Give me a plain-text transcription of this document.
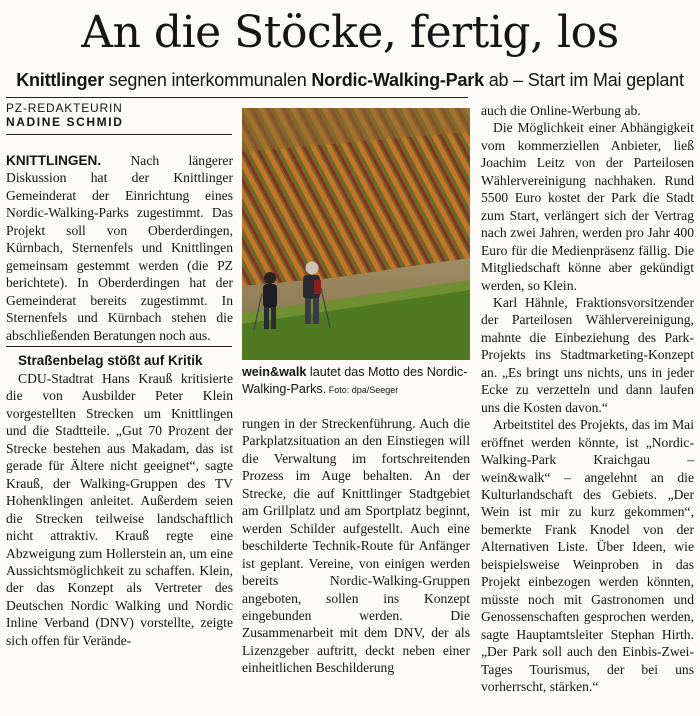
An die Stöcke, fertig, los
Knittlinger segnen interkommunalen Nordic-Walking-Park ab – Start im Mai geplant
PZ-REDAKTEURIN
NADINE SCHMID

KNITTLINGEN. Nach längerer Diskussion hat der Knittlinger Gemeinderat der Einrichtung eines Nordic-Walking-Parks zugestimmt. Das Projekt soll von Oberderdingen, Kürnbach, Sternenfels und Knittlingen gemeinsam gestemmt werden (die PZ berichtete). In Oberderdingen hat der Gemeinderat bereits zugestimmt. In Sternenfels und Kürnbach stehen die abschließenden Beratungen noch aus.

Straßenbelag stößt auf Kritik

CDU-Stadtrat Hans Krauß kritisierte die von Ausbilder Peter Klein vorgestellten Strecken um Knittlingen und die Stadtteile. „Gut 70 Prozent der Strecke bestehen aus Makadam, das ist gerade für Ältere nicht geeignet“, sagte Krauß, der Walking-Gruppen des TV Hohenklingen anleitet. Außerdem seien die Strecken teilweise landschaftlich nicht attraktiv. Krauß regte eine Abzweigung zum Hollerstein an, um eine Aussichtsmöglichkeit zu schaffen. Klein, der das Konzept als Vertreter des Deutschen Nordic Walking und Nordic Inline Verband (DNV) vorstellte, zeigte sich offen für Verände-

wein&walk lautet das Motto des Nordic-Walking-Parks. Foto: dpa/Seeger

rungen in der Streckenführung. Auch die Parkplatzsituation an den Einstiegen will die Verwaltung im fortschreitenden Prozess im Auge behalten. An der Strecke, die auf Knittlinger Stadtgebiet am Grillplatz und am Sportplatz beginnt, werden Schilder aufgestellt. Auch eine beschilderte Technik-Route für Anfänger ist geplant. Vereine, von einigen werden bereits Nordic-Walking-Gruppen angeboten, sollen ins Konzept eingebunden werden. Die Zusammenarbeit mit dem DNV, der als Lizenzgeber auftritt, deckt neben einer einheitlichen Beschilderung

auch die Online-Werbung ab.

Die Möglichkeit einer Abhängigkeit vom kommerziellen Anbieter, ließ Joachim Leitz von der Parteilosen Wählervereinigung nachhaken. Rund 5500 Euro kostet der Park die Stadt zum Start, verlängert sich der Vertrag nach zwei Jahren, werden pro Jahr 400 Euro für die Medienpräsenz fällig. Die Mitgliedschaft könne aber gekündigt werden, so Klein.

Karl Hähnle, Fraktionsvorsitzender der Parteilosen Wählervereinigung, mahnte die Einbeziehung des Park-Projekts ins Stadtmarketing-Konzept an. „Es bringt uns nichts, uns in jeder Ecke zu verzetteln und dann laufen uns die Kosten davon.“

Arbeitstitel des Projekts, das im Mai eröffnet werden könnte, ist „Nordic-Walking-Park Kraichgau – wein&walk“ – angelehnt an die Kulturlandschaft des Gebiets. „Der Wein ist mir zu kurz gekommen“, bemerkte Frank Knodel von der Alternativen Liste. Über Ideen, wie beispielsweise Weinproben in das Projekt einbezogen werden könnten, müsste noch mit Gastronomen und Genossenschaften gesprochen werden, sagte Hauptamtsleiter Stephan Hirth. „Der Park soll auch den Einbis-Zwei-Tages Tourismus, der bei uns vorherrscht, stärken.“
